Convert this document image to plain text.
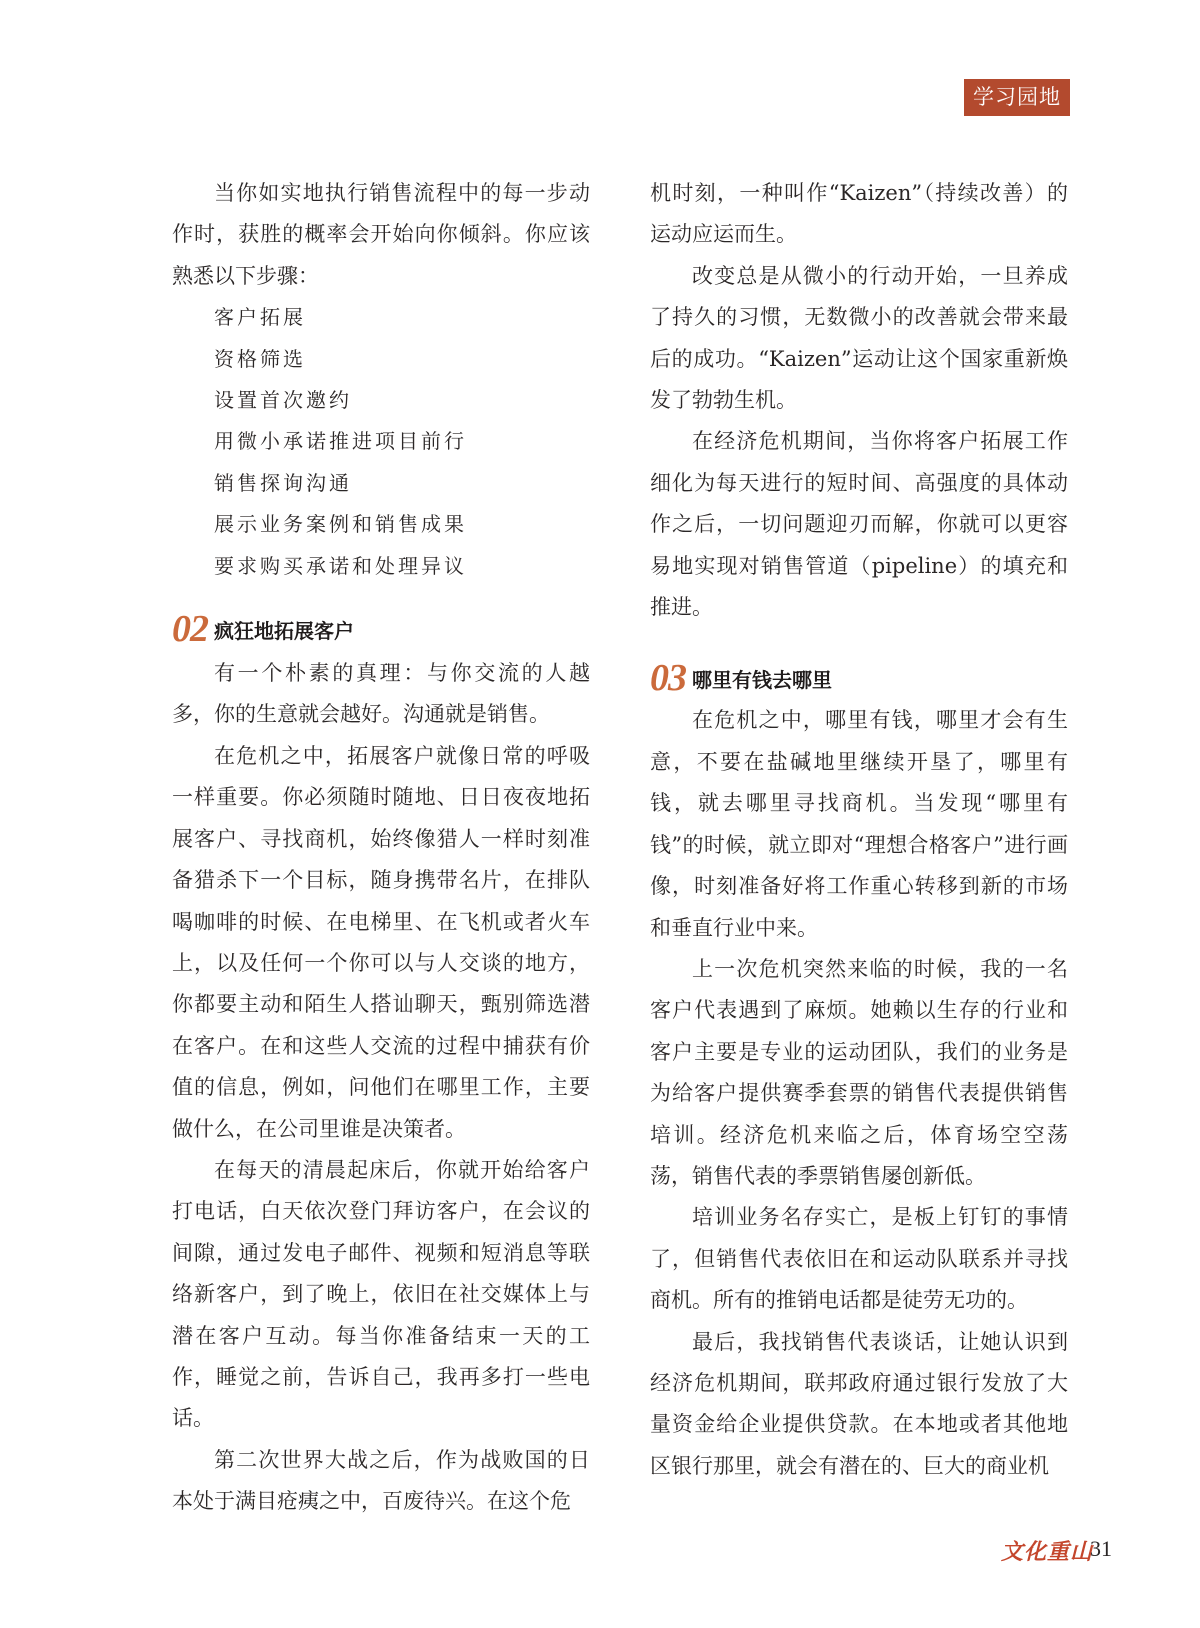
学习园地

当你如实地执行销售流程中的每一步动作时，获胜的概率会开始向你倾斜。你应该熟悉以下步骤：

客户拓展
资格筛选
设置首次邀约
用微小承诺推进项目前行
销售探询沟通
展示业务案例和销售成果
要求购买承诺和处理异议
02 疯狂地拓展客户

有一个朴素的真理：与你交流的人越多，你的生意就会越好。沟通就是销售。

在危机之中，拓展客户就像日常的呼吸一样重要。你必须随时随地、日日夜夜地拓展客户、寻找商机，始终像猎人一样时刻准备猎杀下一个目标，随身携带名片，在排队喝咖啡的时候、在电梯里、在飞机或者火车上，以及任何一个你可以与人交谈的地方，你都要主动和陌生人搭讪聊天，甄别筛选潜在客户。在和这些人交流的过程中捕获有价值的信息，例如，问他们在哪里工作，主要做什么，在公司里谁是决策者。

在每天的清晨起床后，你就开始给客户打电话，白天依次登门拜访客户，在会议的间隙，通过发电子邮件、视频和短消息等联络新客户，到了晚上，依旧在社交媒体上与潜在客户互动。每当你准备结束一天的工作，睡觉之前，告诉自己，我再多打一些电话。

第二次世界大战之后，作为战败国的日本处于满目疮痍之中，百废待兴。在这个危

机时刻，一种叫作“Kaizen”（持续改善）的运动应运而生。

改变总是从微小的行动开始，一旦养成了持久的习惯，无数微小的改善就会带来最后的成功。“Kaizen”运动让这个国家重新焕发了勃勃生机。

在经济危机期间，当你将客户拓展工作细化为每天进行的短时间、高强度的具体动作之后，一切问题迎刃而解，你就可以更容易地实现对销售管道（pipeline）的填充和推进。

03 哪里有钱去哪里

在危机之中，哪里有钱，哪里才会有生意，不要在盐碱地里继续开垦了，哪里有钱，就去哪里寻找商机。当发现“哪里有钱”的时候，就立即对“理想合格客户”进行画像，时刻准备好将工作重心转移到新的市场和垂直行业中来。

上一次危机突然来临的时候，我的一名客户代表遇到了麻烦。她赖以生存的行业和客户主要是专业的运动团队，我们的业务是为给客户提供赛季套票的销售代表提供销售培训。经济危机来临之后，体育场空空荡荡，销售代表的季票销售屡创新低。

培训业务名存实亡，是板上钉钉的事情了，但销售代表依旧在和运动队联系并寻找商机。所有的推销电话都是徒劳无功的。

最后，我找销售代表谈话，让她认识到经济危机期间，联邦政府通过银行发放了大量资金给企业提供贷款。在本地或者其他地区银行那里，就会有潜在的、巨大的商业机

文化重山
31
